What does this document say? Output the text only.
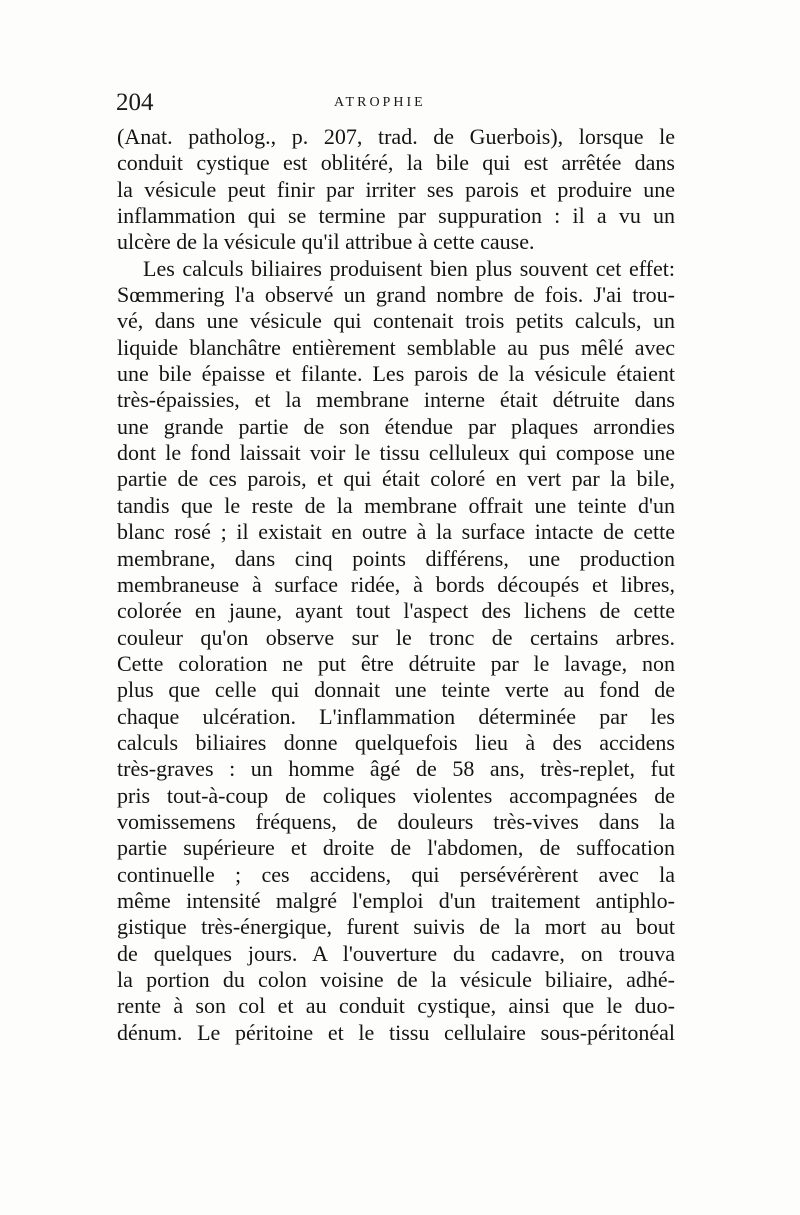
204	ATROPHIE
(Anat. patholog., p. 207, trad. de Guerbois), lorsque le
conduit cystique est oblitéré, la bile qui est arrêtée dans
la vésicule peut finir par irriter ses parois et produire une
inflammation qui se termine par suppuration : il a vu un
ulcère de la vésicule qu'il attribue à cette cause.
Les calculs biliaires produisent bien plus souvent cet effet:
Sœmmering l'a observé un grand nombre de fois. J'ai trou-
vé, dans une vésicule qui contenait trois petits calculs, un
liquide blanchâtre entièrement semblable au pus mêlé avec
une bile épaisse et filante. Les parois de la vésicule étaient
très-épaissies, et la membrane interne était détruite dans
une grande partie de son étendue par plaques arrondies
dont le fond laissait voir le tissu celluleux qui compose une
partie de ces parois, et qui était coloré en vert par la bile,
tandis que le reste de la membrane offrait une teinte d'un
blanc rosé ; il existait en outre à la surface intacte de cette
membrane, dans cinq points différens, une production
membraneuse à surface ridée, à bords découpés et libres,
colorée en jaune, ayant tout l'aspect des lichens de cette
couleur qu'on observe sur le tronc de certains arbres.
Cette coloration ne put être détruite par le lavage, non
plus que celle qui donnait une teinte verte au fond de
chaque ulcération. L'inflammation déterminée par les
calculs biliaires donne quelquefois lieu à des accidens
très-graves : un homme âgé de 58 ans, très-replet, fut
pris tout-à-coup de coliques violentes accompagnées de
vomissemens fréquens, de douleurs très-vives dans la
partie supérieure et droite de l'abdomen, de suffocation
continuelle ; ces accidens, qui persévérèrent avec la
même intensité malgré l'emploi d'un traitement antiphlo-
gistique très-énergique, furent suivis de la mort au bout
de quelques jours. A l'ouverture du cadavre, on trouva
la portion du colon voisine de la vésicule biliaire, adhé-
rente à son col et au conduit cystique, ainsi que le duo-
dénum. Le péritoine et le tissu cellulaire sous-péritonéal
